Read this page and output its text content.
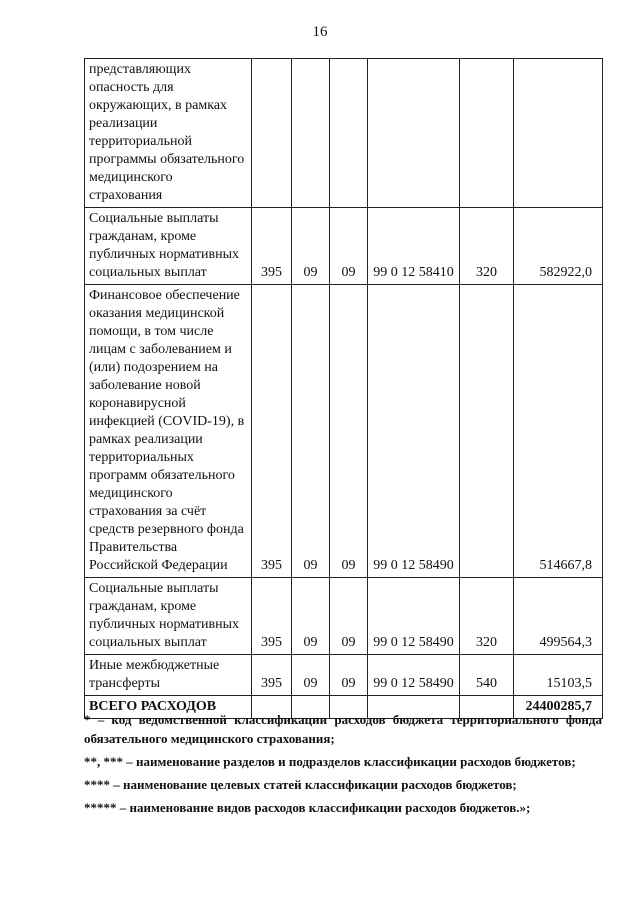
16
представляющих опасность для окружающих, в рамках реализации территориальной программы обязательного медицинского страхования						
Социальные выплаты гражданам, кроме публичных нормативных социальных выплат	395	09	09	99 0 12 58410	320	582922,0
Финансовое обеспечение оказания медицинской помощи, в том числе лицам с заболеванием и (или) подозрением на заболевание новой коронавирусной инфекцией (COVID-19), в рамках реализации территориальных программ обязательного медицинского страхования за счёт средств резервного фонда Правительства Российской Федерации	395	09	09	99 0 12 58490		514667,8
Социальные выплаты гражданам, кроме публичных нормативных социальных выплат	395	09	09	99 0 12 58490	320	499564,3
Иные межбюджетные трансферты	395	09	09	99 0 12 58490	540	15103,5
ВСЕГО РАСХОДОВ						24400285,7

* – код ведомственной классификации расходов бюджета территориального фонда обязательного медицинского страхования;

**, *** – наименование разделов и подразделов классификации расходов бюджетов;

**** – наименование целевых статей классификации расходов бюджетов;

***** – наименование видов расходов классификации расходов бюджетов.»;
